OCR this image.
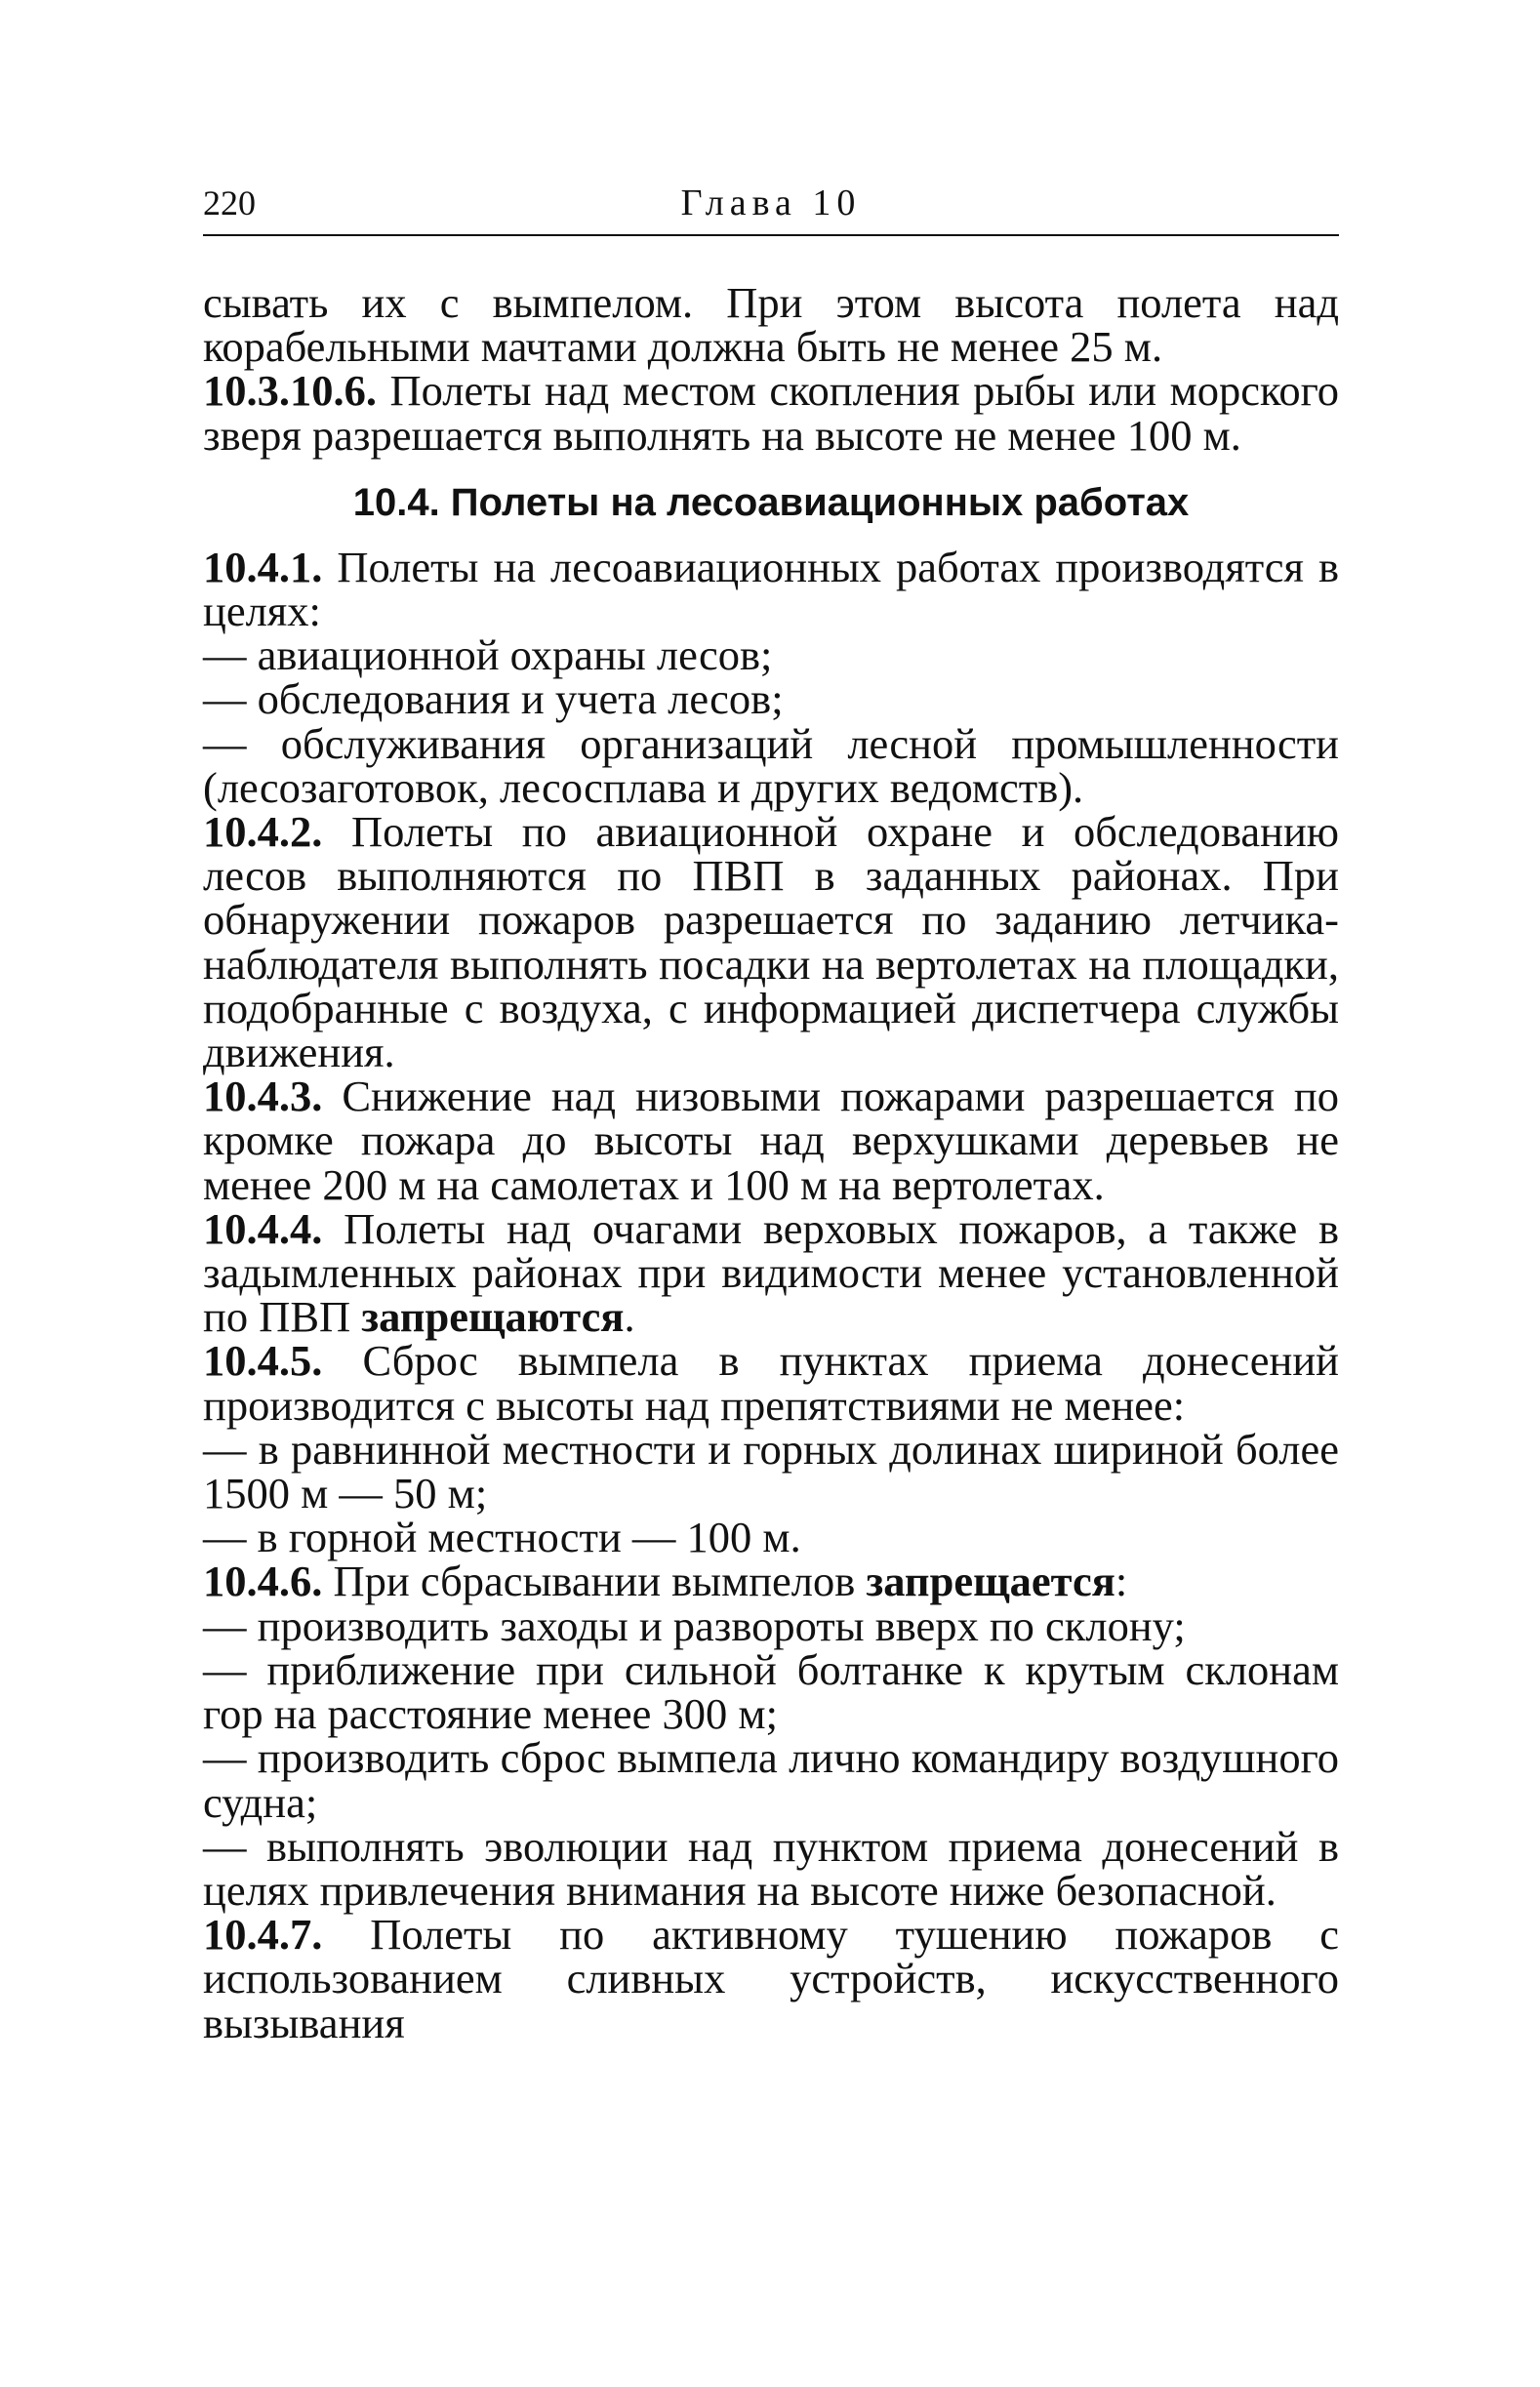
220	Глава 10

сывать их с вымпелом. При этом высота полета над корабельными мачтами должна быть не менее 25 м.

10.3.10.6. Полеты над местом скопления рыбы или морского зверя разрешается выполнять на высоте не менее 100 м.

10.4. Полеты на лесоавиационных работах

10.4.1. Полеты на лесоавиационных работах производятся в целях:

— авиационной охраны лесов;

— обследования и учета лесов;

— обслуживания организаций лесной промышленности (лесозаготовок, лесосплава и других ведомств).

10.4.2. Полеты по авиационной охране и обследованию лесов выполняются по ПВП в заданных районах. При обнаружении пожаров разрешается по заданию летчика-наблюдателя выполнять посадки на вертолетах на площадки, подобранные с воздуха, с информацией диспетчера службы движения.

10.4.3. Снижение над низовыми пожарами разрешается по кромке пожара до высоты над верхушками деревьев не менее 200 м на самолетах и 100 м на вертолетах.

10.4.4. Полеты над очагами верховых пожаров, а также в задымленных районах при видимости менее установленной по ПВП запрещаются.

10.4.5. Сброс вымпела в пунктах приема донесений производится с высоты над препятствиями не менее:

— в равнинной местности и горных долинах шириной более 1500 м — 50 м;

— в горной местности — 100 м.

10.4.6. При сбрасывании вымпелов запрещается:

— производить заходы и развороты вверх по склону;

— приближение при сильной болтанке к крутым склонам гор на расстояние менее 300 м;

— производить сброс вымпела лично командиру воздушного судна;

— выполнять эволюции над пунктом приема донесений в целях привлечения внимания на высоте ниже безопасной.

10.4.7. Полеты по активному тушению пожаров с использованием сливных устройств, искусственного вызывания
